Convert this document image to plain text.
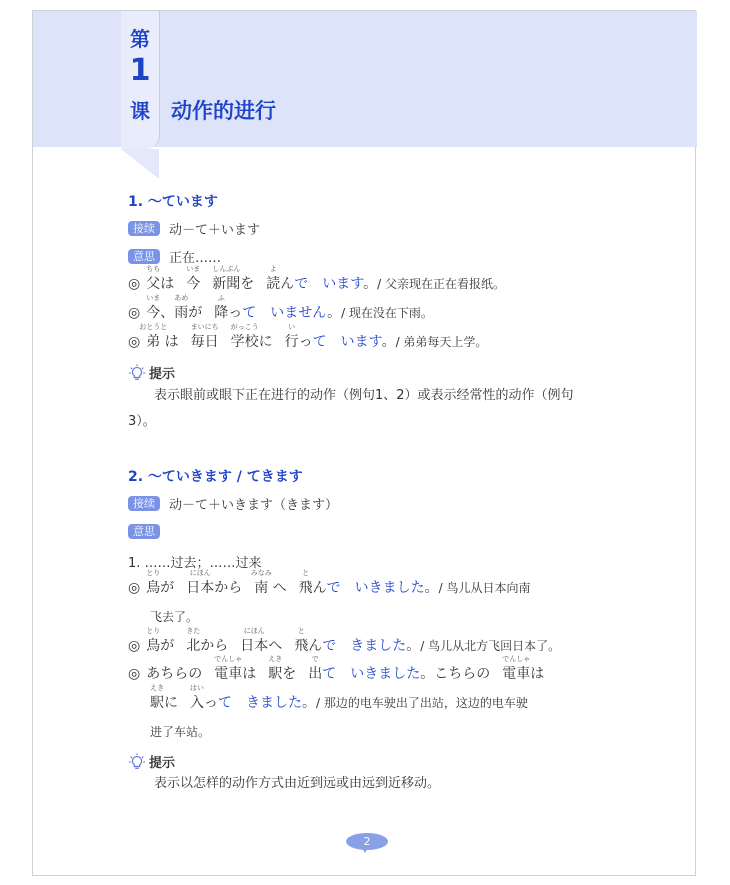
第
1
课	动作的进行
1. ～ています
接续	动－て＋います
意思	正在……
◎
ちち
父は
いま
今
しんぶん
新聞を
よ
読んで　います。/ 父亲现在正在看报纸。
◎
いま
今、
あめ
雨が
ふ
降って　いません。/ 现在没在下雨。
◎
おとうと
弟 は
まいにち
毎日
がっこう
学校に
い
行って　います。/ 弟弟每天上学。
提示
表示眼前或眼下正在进行的动作（例句1、2）或表示经常性的动作（例句3）。
2. ～ていきます / てきます
接续	动－て＋いきます（きます）
意思
1. ……过去；……过来
◎
とり
鳥が
にほん
日本から
みなみ
南 へ
と
飛んで　いきました。/ 鸟儿从日本向南
飞去了。
◎
とり
鳥が
きた
北から
にほん
日本へ
と
飛んで　きました。/ 鸟儿从北方飞回日本了。
◎ あちらの
でんしゃ
電車は
えき
駅を
で
出て　いきました。こちらの
でんしゃ
電車は
えき
駅に
はい
入って　きました。/ 那边的电车驶出了出站，这边的电车驶
进了车站。
提示
表示以怎样的动作方式由近到远或由远到近移动。
2
